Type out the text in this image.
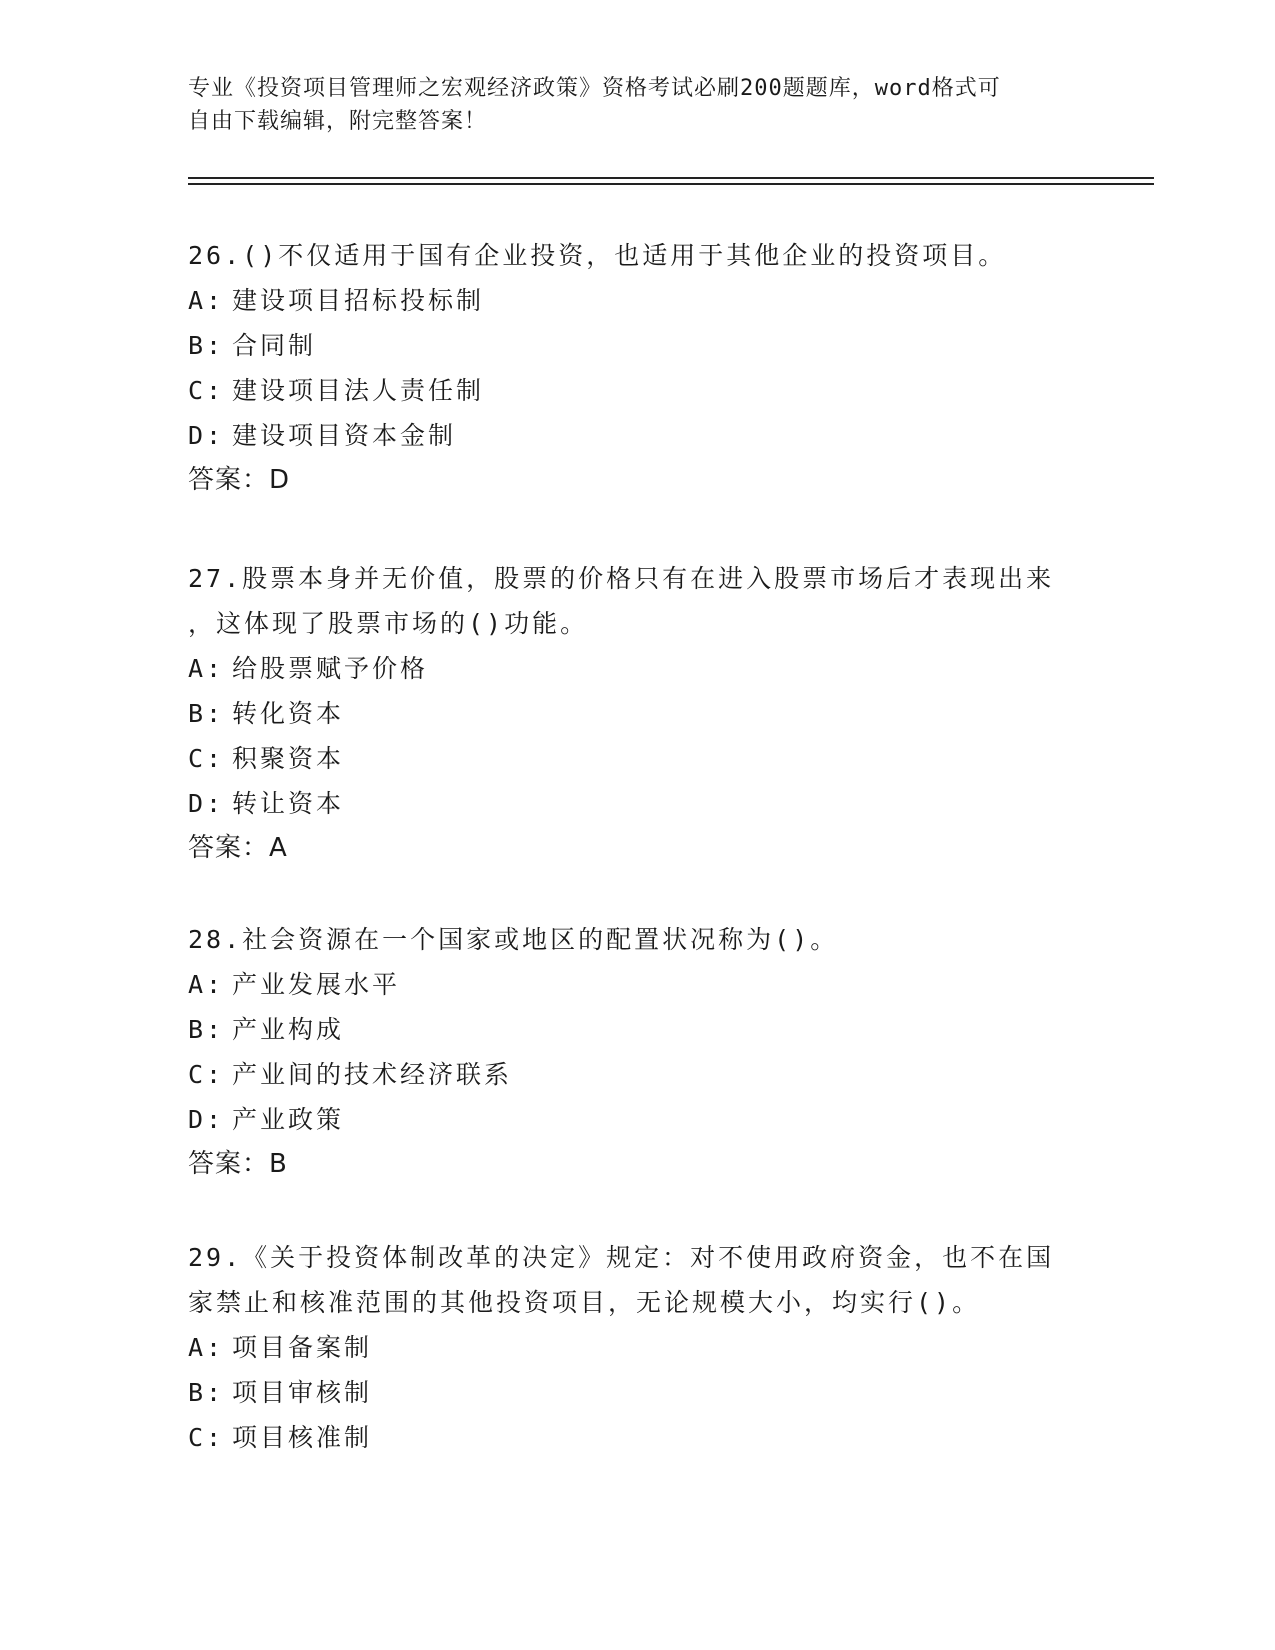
专业《投资项目管理师之宏观经济政策》资格考试必刷200题题库，word格式可
自由下载编辑，附完整答案！
26.()不仅适用于国有企业投资，也适用于其他企业的投资项目。
A: 建设项目招标投标制
B: 合同制
C: 建设项目法人责任制
D: 建设项目资本金制
答案：D
27.股票本身并无价值，股票的价格只有在进入股票市场后才表现出来
，这体现了股票市场的()功能。
A: 给股票赋予价格
B: 转化资本
C: 积聚资本
D: 转让资本
答案：A
28.社会资源在一个国家或地区的配置状况称为()。
A: 产业发展水平
B: 产业构成
C: 产业间的技术经济联系
D: 产业政策
答案：B
29.《关于投资体制改革的决定》规定：对不使用政府资金，也不在国
家禁止和核准范围的其他投资项目，无论规模大小，均实行()。
A: 项目备案制
B: 项目审核制
C: 项目核准制
